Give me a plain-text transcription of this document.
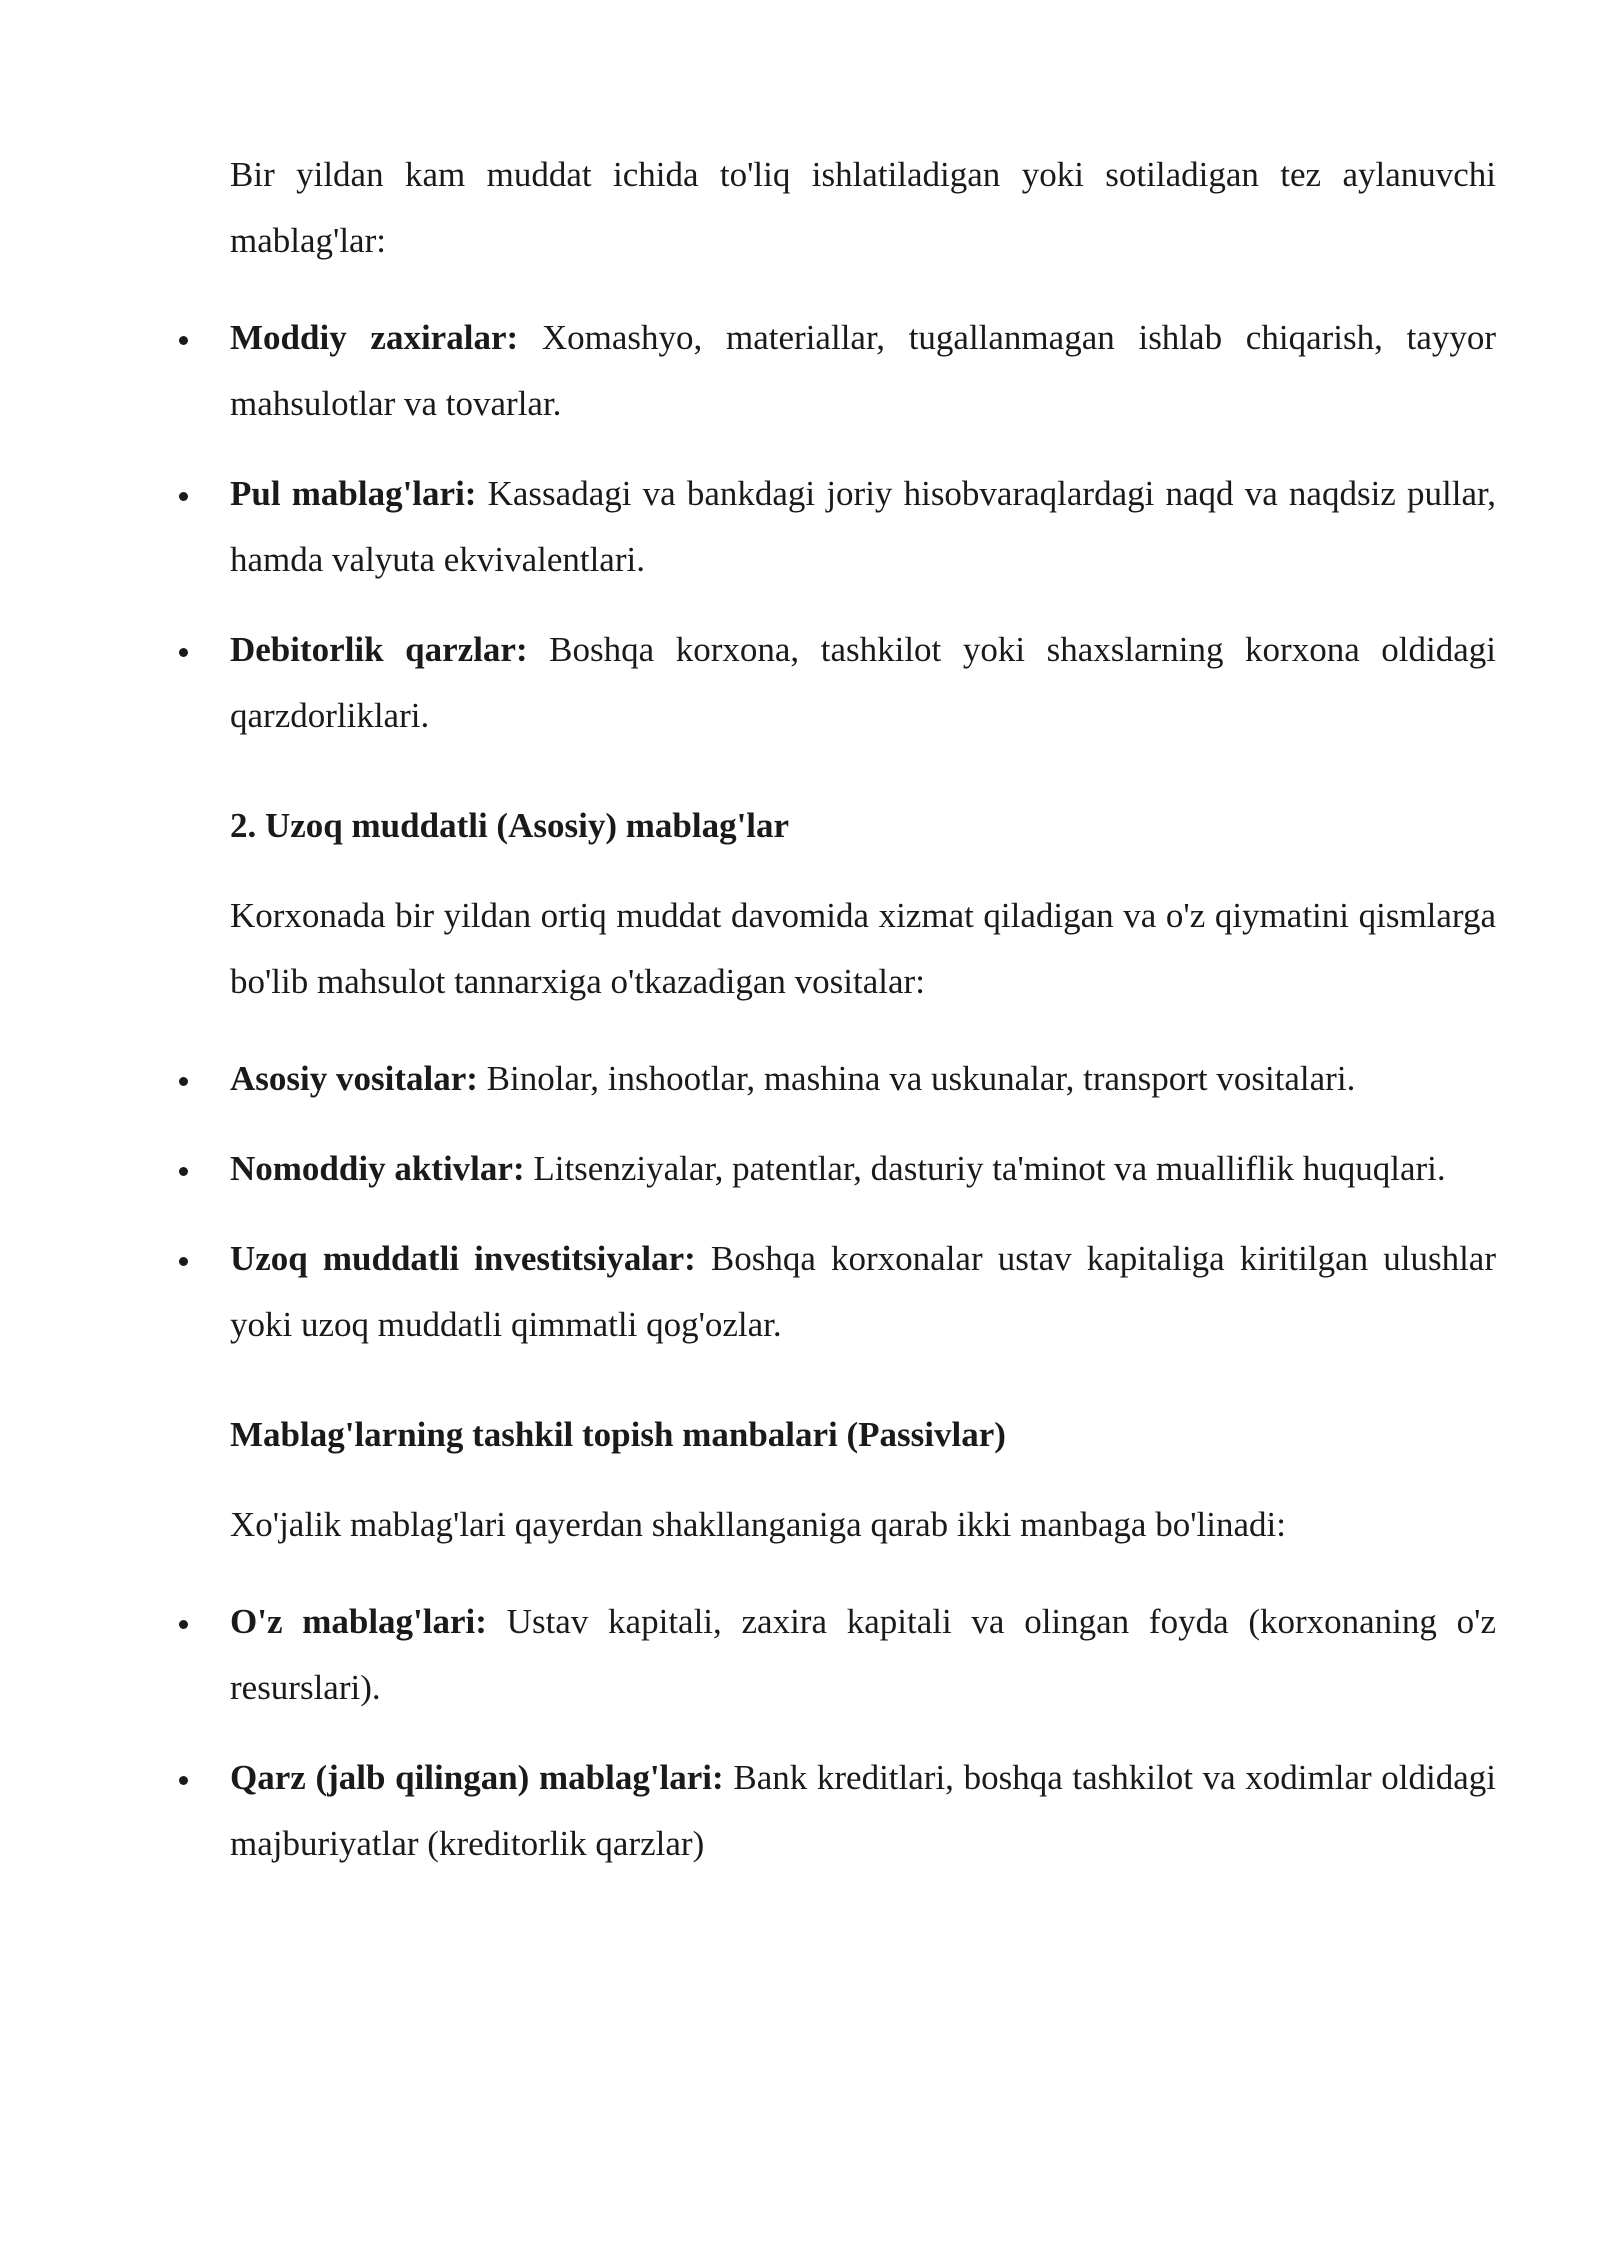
Bir yildan kam muddat ichida to'liq ishlatiladigan yoki sotiladigan tez aylanuvchi mablag'lar:

Moddiy zaxiralar: Xomashyo, materiallar, tugallanmagan ishlab chiqarish, tayyor mahsulotlar va tovarlar.
Pul mablag'lari: Kassadagi va bankdagi joriy hisobvaraqlardagi naqd va naqdsiz pullar, hamda valyuta ekvivalentlari.
Debitorlik qarzlar: Boshqa korxona, tashkilot yoki shaxslarning korxona oldidagi qarzdorliklari.
2. Uzoq muddatli (Asosiy) mablag'lar

Korxonada bir yildan ortiq muddat davomida xizmat qiladigan va o'z qiymatini qismlarga bo'lib mahsulot tannarxiga o'tkazadigan vositalar:

Asosiy vositalar: Binolar, inshootlar, mashina va uskunalar, transport vositalari.
Nomoddiy aktivlar: Litsenziyalar, patentlar, dasturiy ta'minot va mualliflik huquqlari.
Uzoq muddatli investitsiyalar: Boshqa korxonalar ustav kapitaliga kiritilgan ulushlar yoki uzoq muddatli qimmatli qog'ozlar.
Mablag'larning tashkil topish manbalari (Passivlar)

Xo'jalik mablag'lari qayerdan shakllanganiga qarab ikki manbaga bo'linadi:

O'z mablag'lari: Ustav kapitali, zaxira kapitali va olingan foyda (korxonaning o'z resurslari).
Qarz (jalb qilingan) mablag'lari: Bank kreditlari, boshqa tashkilot va xodimlar oldidagi majburiyatlar (kreditorlik qarzlar)
